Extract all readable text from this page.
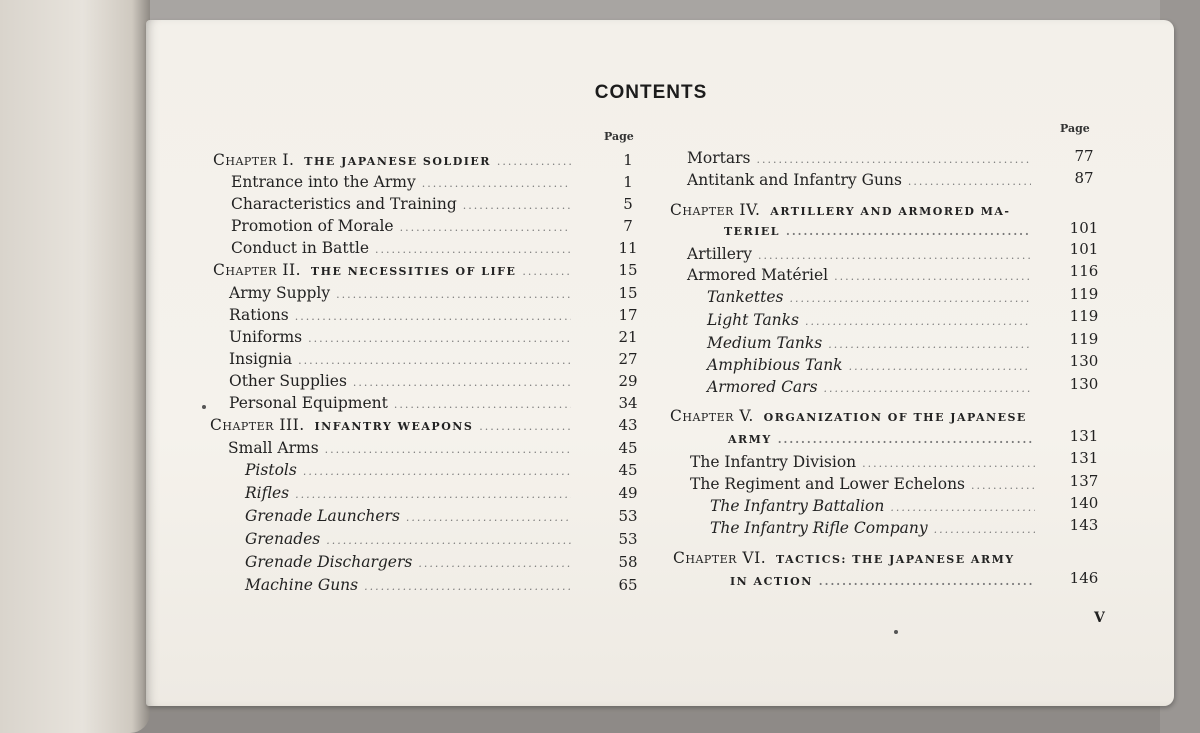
CONTENTS
Page
Page
Chapter I. THE JAPANESE SOLDIER .....	1
Entrance into the Army .....	1
Characteristics and Training .....	5
Promotion of Morale .....	7
Conduct in Battle .....	11
Chapter II. THE NECESSITIES OF LIFE .....	15
Army Supply .....	15
Rations .....	17
Uniforms .....	21
Insignia .....	27
Other Supplies .....	29
Personal Equipment .....	34
Chapter III. INFANTRY WEAPONS .....	43
Small Arms .....	45
Pistols .....	45
Rifles .....	49
Grenade Launchers .....	53
Grenades .....	53
Grenade Dischargers .....	58
Machine Guns .....	65
Mortars .....	77
Antitank and Infantry Guns .....	87
Chapter IV. ARTILLERY AND ARMORED MA-
TERIEL .....	101
Artillery .....	101
Armored Matériel .....	116
Tankettes .....	119
Light Tanks .....	119
Medium Tanks .....	119
Amphibious Tank .....	130
Armored Cars .....	130
Chapter V. ORGANIZATION OF THE JAPANESE
ARMY .....	131
The Infantry Division .....	131
The Regiment and Lower Echelons .....	137
The Infantry Battalion .....	140
The Infantry Rifle Company .....	143
Chapter VI. TACTICS: THE JAPANESE ARMY
IN ACTION .....	146
V
